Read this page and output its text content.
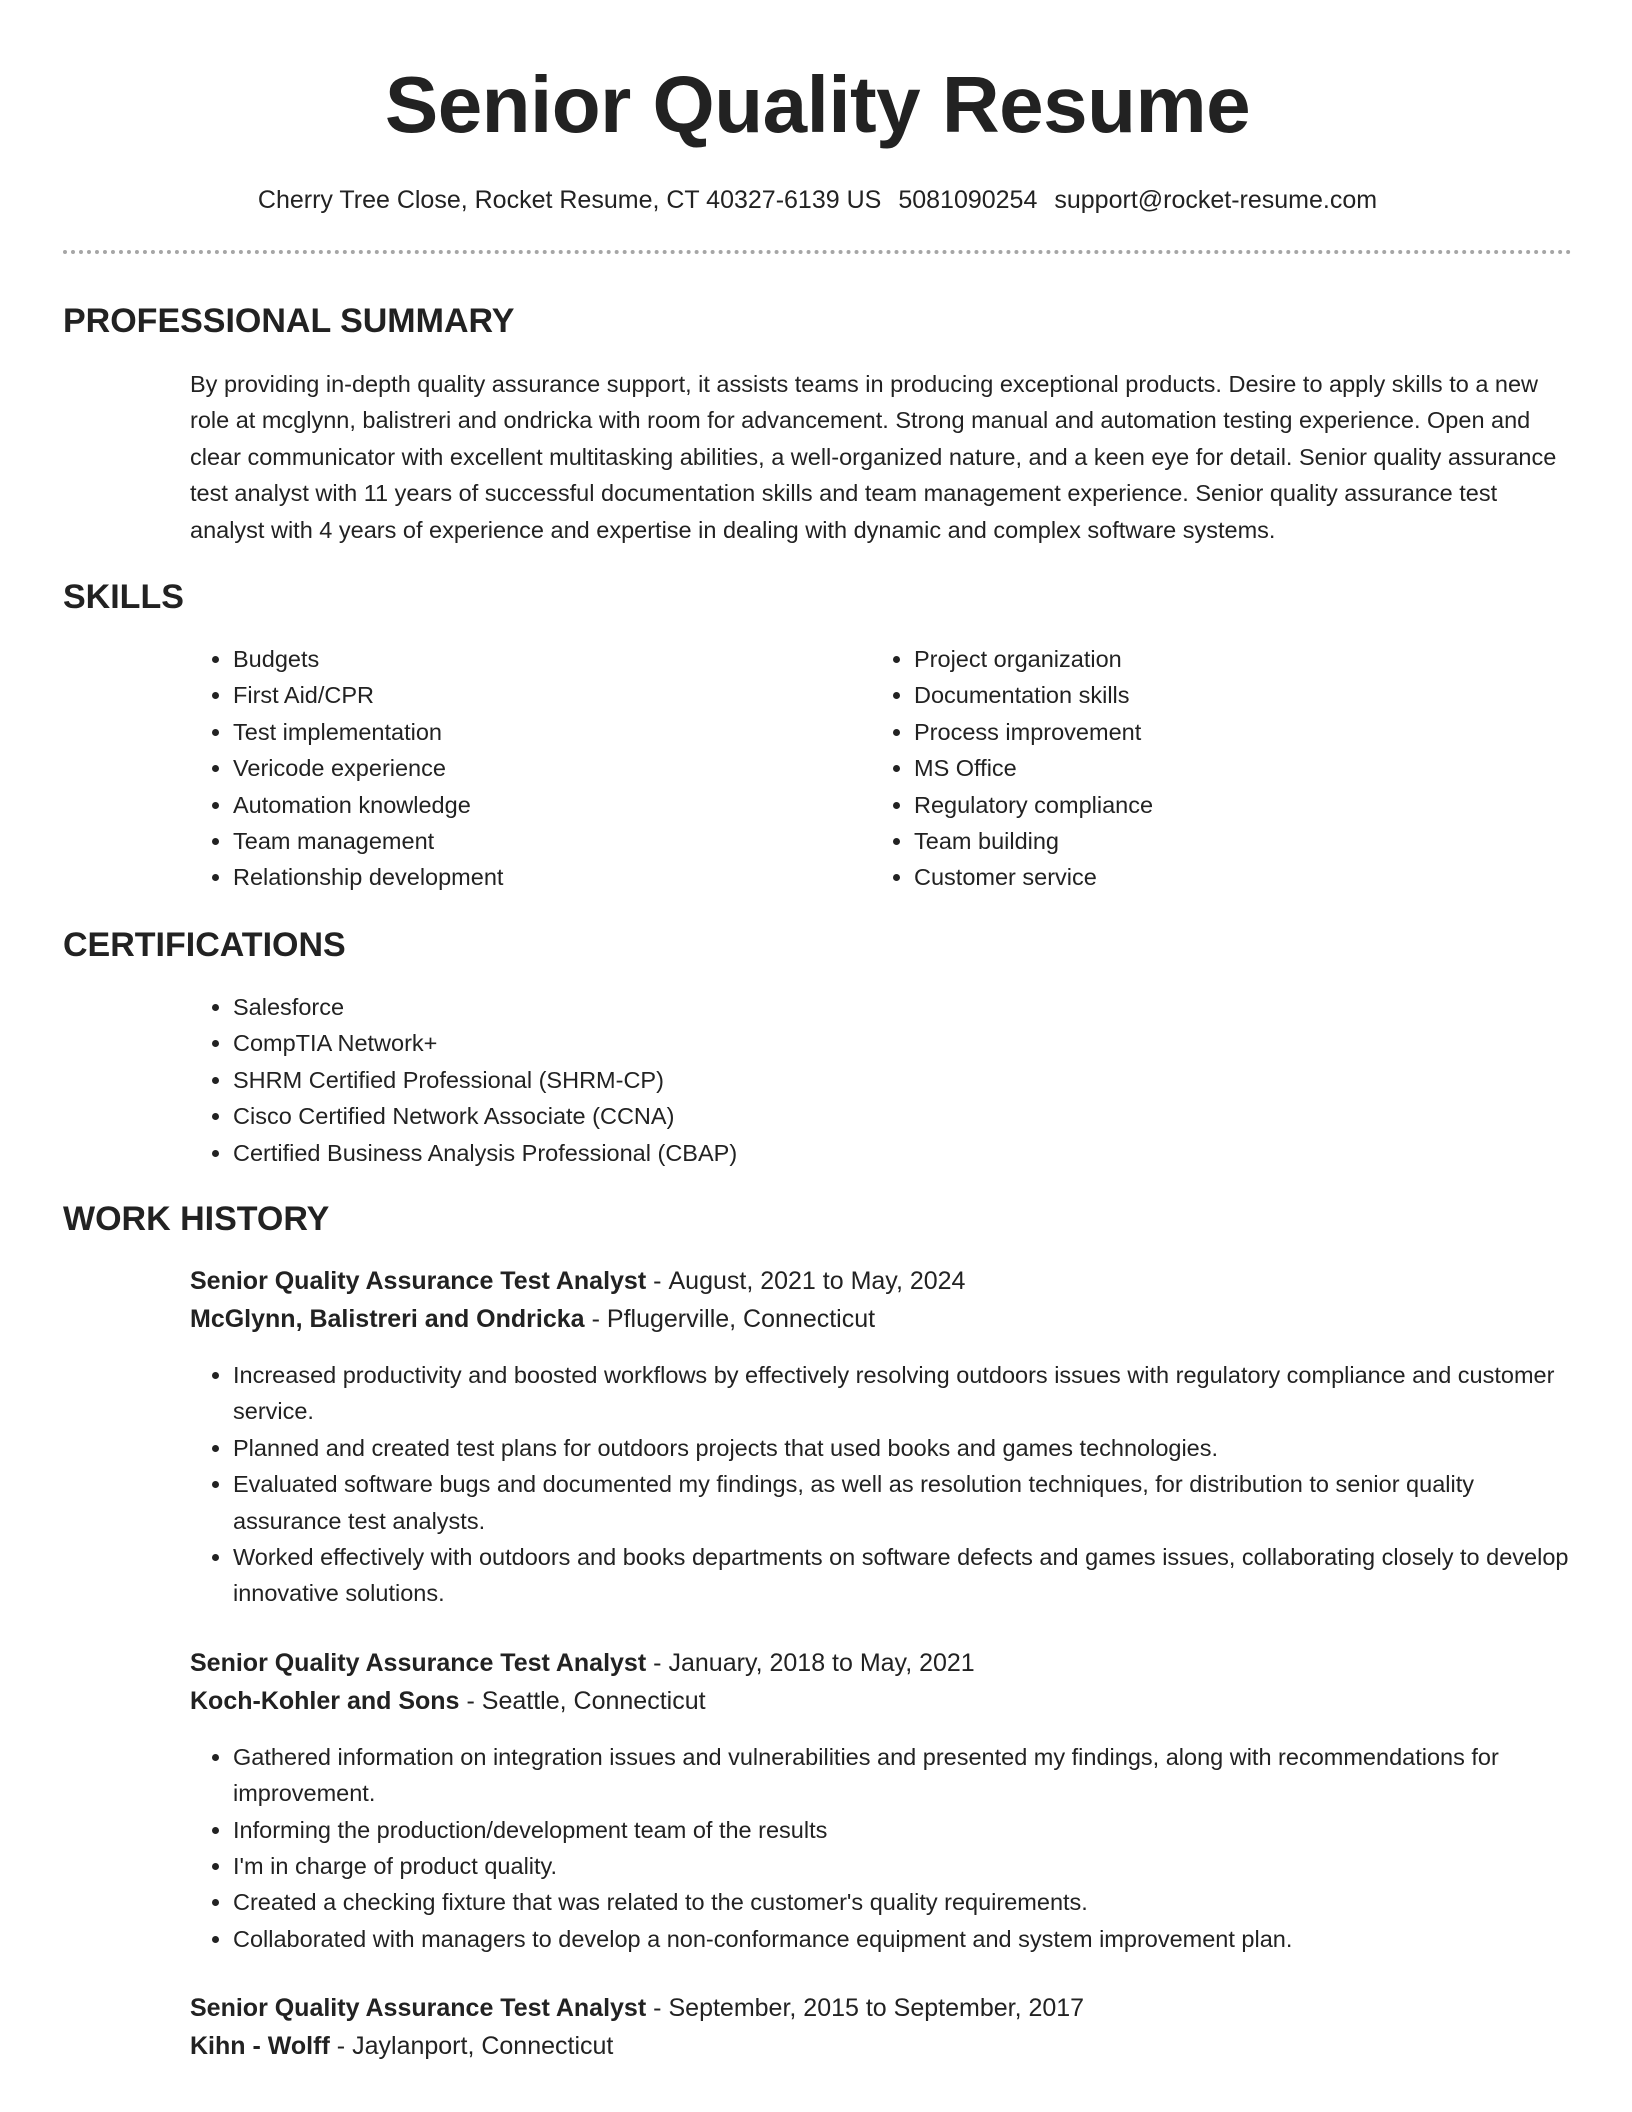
Senior Quality Resume
Cherry Tree Close, Rocket Resume, CT 40327-6139 US 5081090254 support@rocket-resume.com
PROFESSIONAL SUMMARY

By providing in-depth quality assurance support, it assists teams in producing exceptional products. Desire to apply skills to a new role at mcglynn, balistreri and ondricka with room for advancement. Strong manual and automation testing experience. Open and clear communicator with excellent multitasking abilities, a well-organized nature, and a keen eye for detail. Senior quality assurance test analyst with 11 years of successful documentation skills and team management experience. Senior quality assurance test analyst with 4 years of experience and expertise in dealing with dynamic and complex software systems.

SKILLS
• Budgets
• First Aid/CPR
• Test implementation
• Vericode experience
• Automation knowledge
• Team management
• Relationship development
• Project organization
• Documentation skills
• Process improvement
• MS Office
• Regulatory compliance
• Team building
• Customer service
CERTIFICATIONS
• Salesforce
• CompTIA Network+
• SHRM Certified Professional (SHRM-CP)
• Cisco Certified Network Associate (CCNA)
• Certified Business Analysis Professional (CBAP)
WORK HISTORY
Senior Quality Assurance Test Analyst - August, 2021 to May, 2024
McGlynn, Balistreri and Ondricka - Pflugerville, Connecticut
• Increased productivity and boosted workflows by effectively resolving outdoors issues with regulatory compliance and customer service.
• Planned and created test plans for outdoors projects that used books and games technologies.
• Evaluated software bugs and documented my findings, as well as resolution techniques, for distribution to senior quality assurance test analysts.
• Worked effectively with outdoors and books departments on software defects and games issues, collaborating closely to develop innovative solutions.
Senior Quality Assurance Test Analyst - January, 2018 to May, 2021
Koch-Kohler and Sons - Seattle, Connecticut
• Gathered information on integration issues and vulnerabilities and presented my findings, along with recommendations for improvement.
• Informing the production/development team of the results
• I'm in charge of product quality.
• Created a checking fixture that was related to the customer's quality requirements.
• Collaborated with managers to develop a non-conformance equipment and system improvement plan.
Senior Quality Assurance Test Analyst - September, 2015 to September, 2017
Kihn - Wolff - Jaylanport, Connecticut
